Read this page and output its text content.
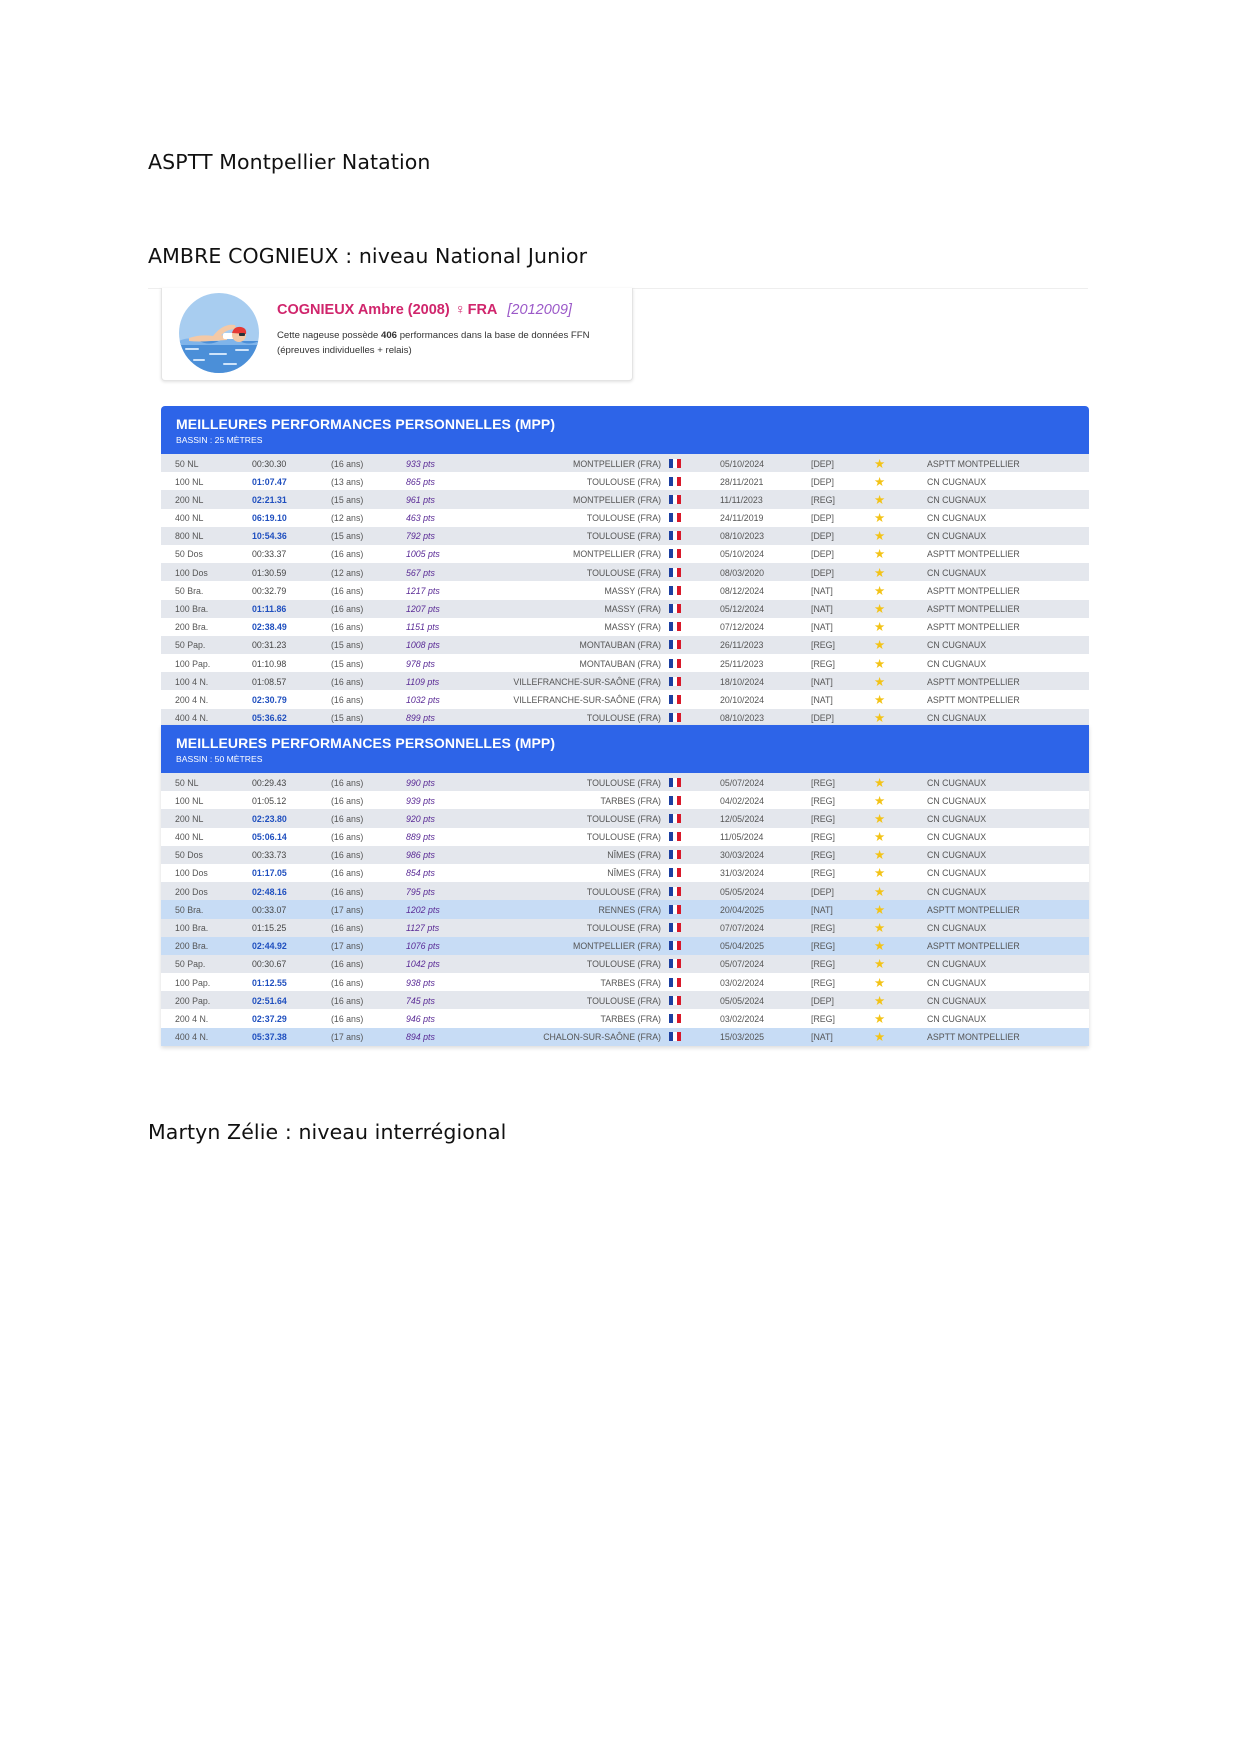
ASPTT Montpellier Natation
AMBRE COGNIEUX : niveau National Junior
COGNIEUX Ambre (2008) ♀ FRA [2012009]
Cette nageuse possède 406 performances dans la base de données FFN (épreuves individuelles + relais)
MEILLEURES PERFORMANCES PERSONNELLES (MPP)
BASSIN : 25 MÈTRES
50 NL	00:30.30	(16 ans)	933 pts	MONTPELLIER (FRA)	05/10/2024	[DEP]	ASPTT MONTPELLIER
★
100 NL	01:07.47	(13 ans)	865 pts	TOULOUSE (FRA)	28/11/2021	[DEP]	CN CUGNAUX
★
200 NL	02:21.31	(15 ans)	961 pts	MONTPELLIER (FRA)	11/11/2023	[REG]	CN CUGNAUX
★
400 NL	06:19.10	(12 ans)	463 pts	TOULOUSE (FRA)	24/11/2019	[DEP]	CN CUGNAUX
★
800 NL	10:54.36	(15 ans)	792 pts	TOULOUSE (FRA)	08/10/2023	[DEP]	CN CUGNAUX
★
50 Dos	00:33.37	(16 ans)	1005 pts	MONTPELLIER (FRA)	05/10/2024	[DEP]	ASPTT MONTPELLIER
★
100 Dos	01:30.59	(12 ans)	567 pts	TOULOUSE (FRA)	08/03/2020	[DEP]	CN CUGNAUX
★
50 Bra.	00:32.79	(16 ans)	1217 pts	MASSY (FRA)	08/12/2024	[NAT]	ASPTT MONTPELLIER
★
100 Bra.	01:11.86	(16 ans)	1207 pts	MASSY (FRA)	05/12/2024	[NAT]	ASPTT MONTPELLIER
★
200 Bra.	02:38.49	(16 ans)	1151 pts	MASSY (FRA)	07/12/2024	[NAT]	ASPTT MONTPELLIER
★
50 Pap.	00:31.23	(15 ans)	1008 pts	MONTAUBAN (FRA)	26/11/2023	[REG]	CN CUGNAUX
★
100 Pap.	01:10.98	(15 ans)	978 pts	MONTAUBAN (FRA)	25/11/2023	[REG]	CN CUGNAUX
★
100 4 N.	01:08.57	(16 ans)	1109 pts	VILLEFRANCHE-SUR-SAÔNE (FRA)	18/10/2024	[NAT]	ASPTT MONTPELLIER
★
200 4 N.	02:30.79	(16 ans)	1032 pts	VILLEFRANCHE-SUR-SAÔNE (FRA)	20/10/2024	[NAT]	ASPTT MONTPELLIER
★
400 4 N.	05:36.62	(15 ans)	899 pts	TOULOUSE (FRA)	08/10/2023	[DEP]	CN CUGNAUX
★
MEILLEURES PERFORMANCES PERSONNELLES (MPP)
BASSIN : 50 MÈTRES
50 NL	00:29.43	(16 ans)	990 pts	TOULOUSE (FRA)	05/07/2024	[REG]	CN CUGNAUX
★
100 NL	01:05.12	(16 ans)	939 pts	TARBES (FRA)	04/02/2024	[REG]	CN CUGNAUX
★
200 NL	02:23.80	(16 ans)	920 pts	TOULOUSE (FRA)	12/05/2024	[REG]	CN CUGNAUX
★
400 NL	05:06.14	(16 ans)	889 pts	TOULOUSE (FRA)	11/05/2024	[REG]	CN CUGNAUX
★
50 Dos	00:33.73	(16 ans)	986 pts	NÎMES (FRA)	30/03/2024	[REG]	CN CUGNAUX
★
100 Dos	01:17.05	(16 ans)	854 pts	NÎMES (FRA)	31/03/2024	[REG]	CN CUGNAUX
★
200 Dos	02:48.16	(16 ans)	795 pts	TOULOUSE (FRA)	05/05/2024	[DEP]	CN CUGNAUX
★
50 Bra.	00:33.07	(17 ans)	1202 pts	RENNES (FRA)	20/04/2025	[NAT]	ASPTT MONTPELLIER
★
100 Bra.	01:15.25	(16 ans)	1127 pts	TOULOUSE (FRA)	07/07/2024	[REG]	CN CUGNAUX
★
200 Bra.	02:44.92	(17 ans)	1076 pts	MONTPELLIER (FRA)	05/04/2025	[REG]	ASPTT MONTPELLIER
★
50 Pap.	00:30.67	(16 ans)	1042 pts	TOULOUSE (FRA)	05/07/2024	[REG]	CN CUGNAUX
★
100 Pap.	01:12.55	(16 ans)	938 pts	TARBES (FRA)	03/02/2024	[REG]	CN CUGNAUX
★
200 Pap.	02:51.64	(16 ans)	745 pts	TOULOUSE (FRA)	05/05/2024	[DEP]	CN CUGNAUX
★
200 4 N.	02:37.29	(16 ans)	946 pts	TARBES (FRA)	03/02/2024	[REG]	CN CUGNAUX
★
400 4 N.	05:37.38	(17 ans)	894 pts	CHALON-SUR-SAÔNE (FRA)	15/03/2025	[NAT]	ASPTT MONTPELLIER
★
Martyn Zélie : niveau interrégional
